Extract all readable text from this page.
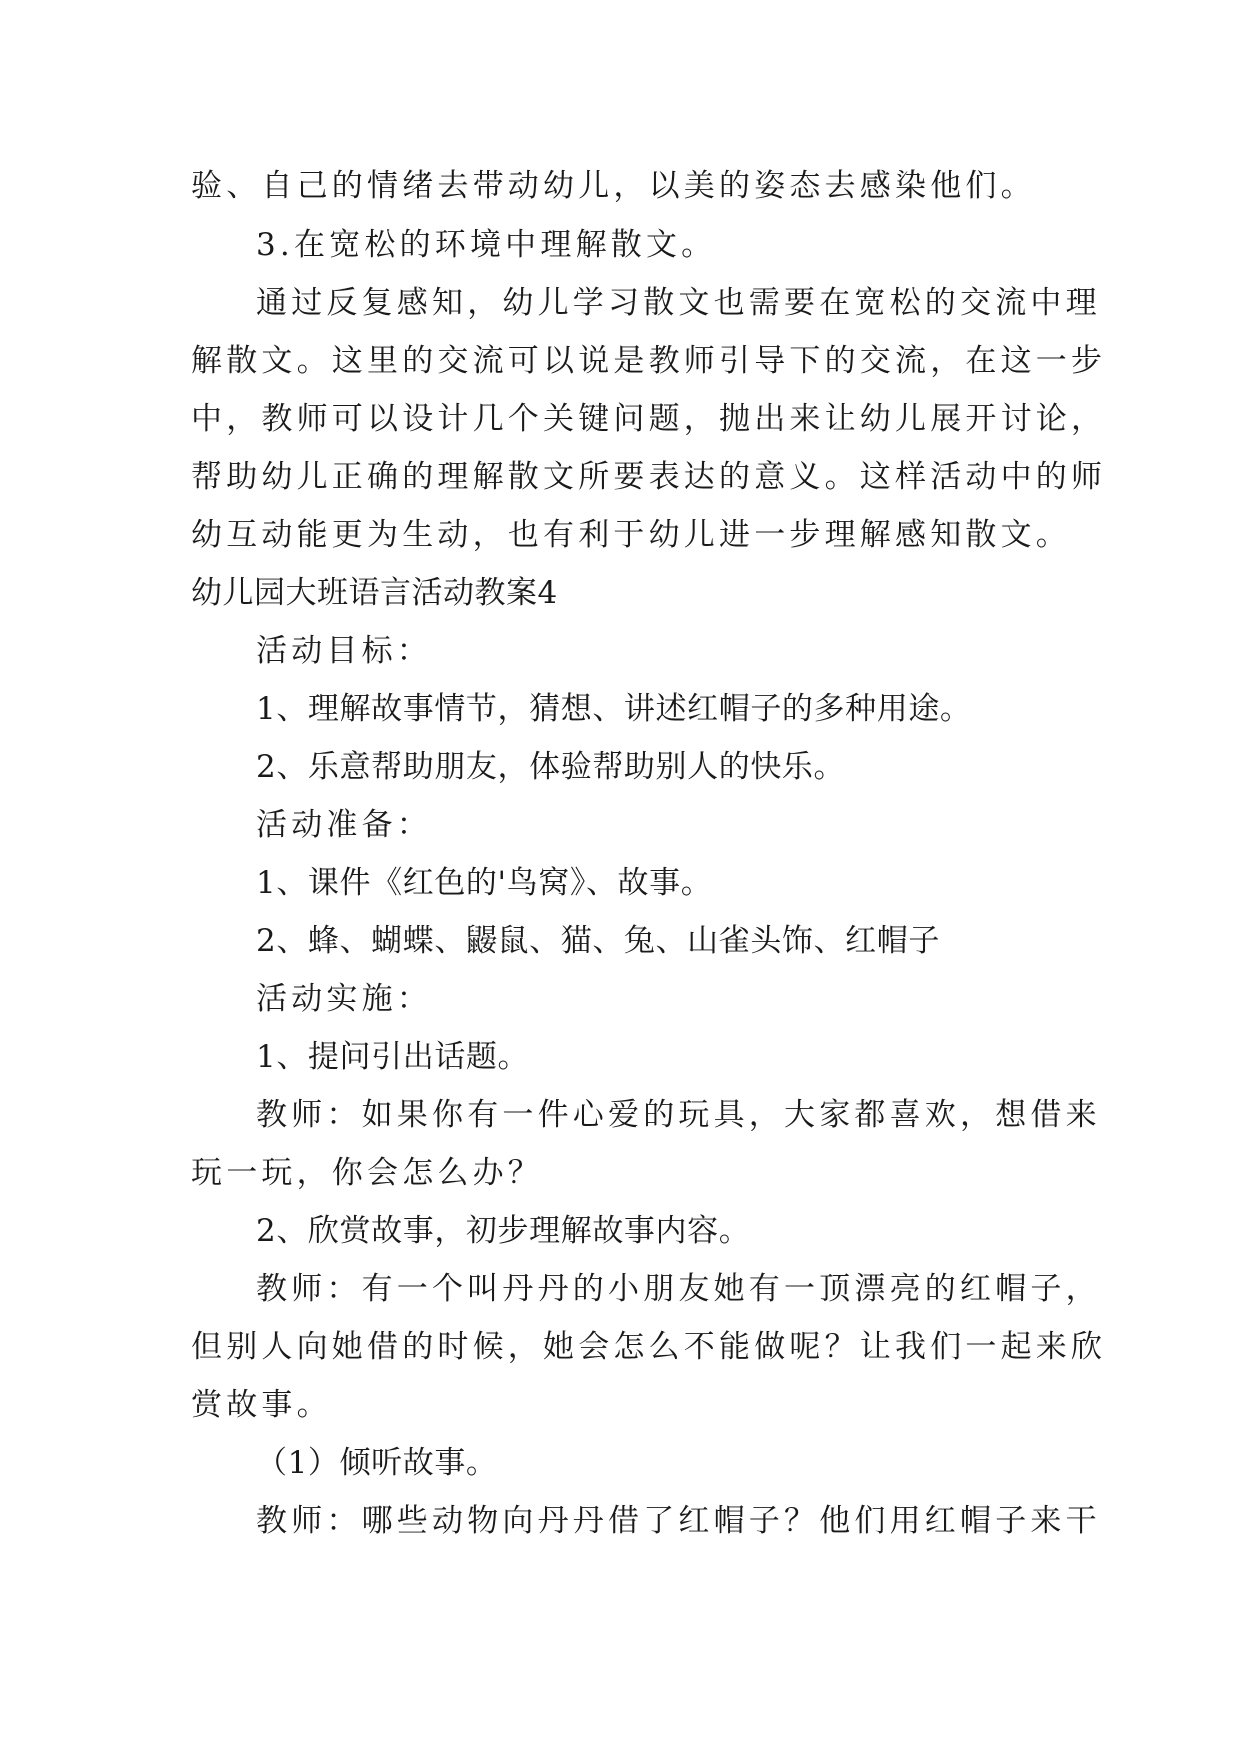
验、自己的情绪去带动幼儿，以美的姿态去感染他们。
3.在宽松的环境中理解散文。
通过反复感知，幼儿学习散文也需要在宽松的交流中理
解散文。这里的交流可以说是教师引导下的交流，在这一步
中，教师可以设计几个关键问题，抛出来让幼儿展开讨论，
帮助幼儿正确的理解散文所要表达的意义。这样活动中的师
幼互动能更为生动，也有利于幼儿进一步理解感知散文。
幼儿园大班语言活动教案4
活动目标：
1、理解故事情节，猜想、讲述红帽子的多种用途。
2、乐意帮助朋友，体验帮助别人的快乐。
活动准备：
1、课件《红色的'鸟窝》、故事。
2、蜂、蝴蝶、鼹鼠、猫、兔、山雀头饰、红帽子
活动实施：
1、提问引出话题。
教师：如果你有一件心爱的玩具，大家都喜欢，想借来
玩一玩，你会怎么办？
2、欣赏故事，初步理解故事内容。
教师：有一个叫丹丹的小朋友她有一顶漂亮的红帽子，
但别人向她借的时候，她会怎么不能做呢？让我们一起来欣
赏故事。
（1）倾听故事。
教师：哪些动物向丹丹借了红帽子？他们用红帽子来干
